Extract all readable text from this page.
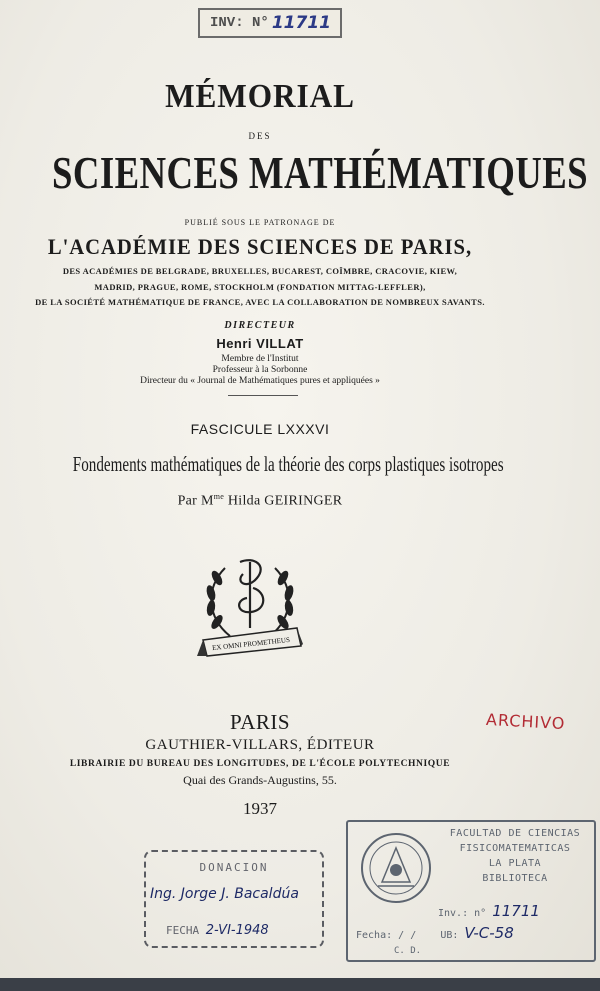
INV: N° 11711
MÉMORIAL
DES
SCIENCES MATHÉMATIQUES
PUBLIÉ SOUS LE PATRONAGE DE
L'ACADÉMIE DES SCIENCES DE PARIS,
DES ACADÉMIES DE BELGRADE, BRUXELLES, BUCAREST, COÏMBRE, CRACOVIE, KIEW,
MADRID, PRAGUE, ROME, STOCKHOLM (FONDATION MITTAG-LEFFLER),
DE LA SOCIÉTÉ MATHÉMATIQUE DE FRANCE, AVEC LA COLLABORATION DE NOMBREUX SAVANTS.
DIRECTEUR
Henri VILLAT
Membre de l'Institut
Professeur à la Sorbonne
Directeur du « Journal de Mathématiques pures et appliquées »
FASCICULE LXXXVI
Fondements mathématiques de la théorie des corps plastiques isotropes
Par $M^{me}$ Hilda GEIRINGER
EX OMNI PROMETHEUS
PARIS
GAUTHIER-VILLARS, ÉDITEUR
LIBRAIRIE DU BUREAU DES LONGITUDES, DE L'ÉCOLE POLYTECHNIQUE
Quai des Grands-Augustins, 55.
1937
ARCHIVO
DONACION
Ing. Jorge J. Bacaldúa
FECHA 2-VI-1948
FACULTAD DE CIENCIAS
FISICOMATEMATICAS
LA PLATA
BIBLIOTECA
Inv.: n° 11711
Fecha: / / UB: V-C-58
C. D.
